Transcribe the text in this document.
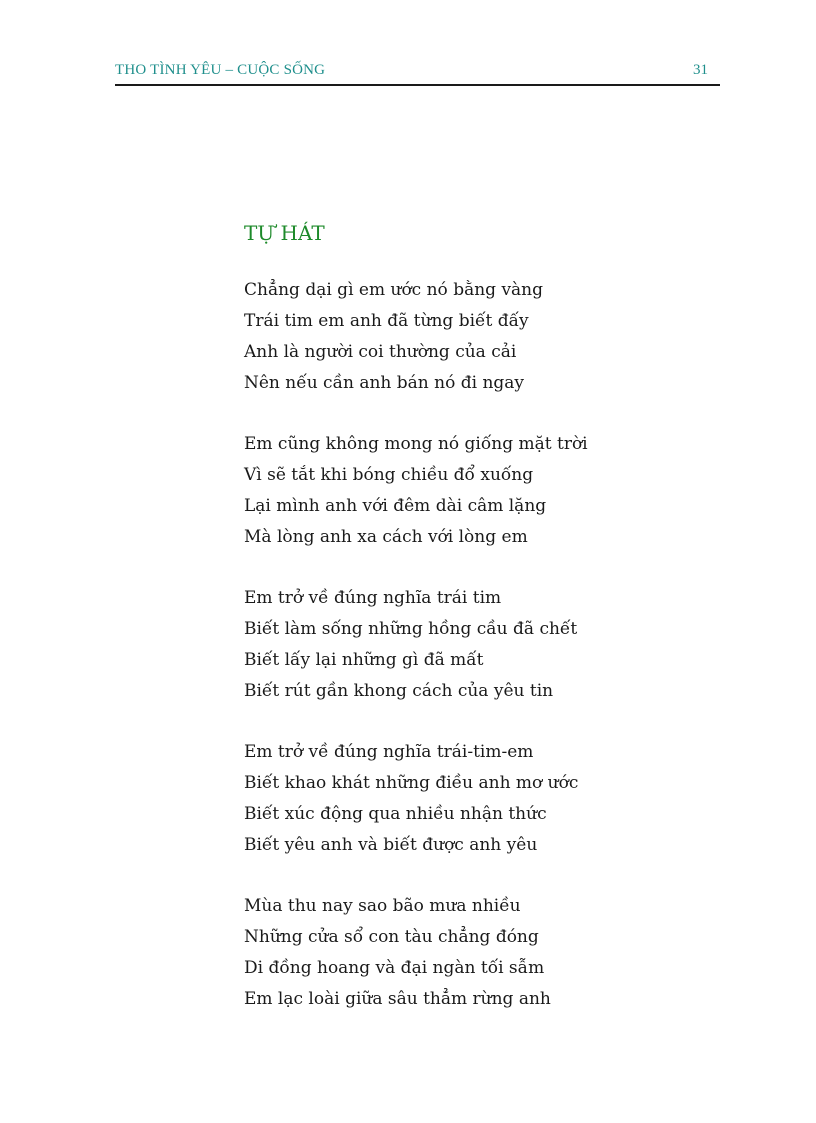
THO TÌNH YÊU – CUỘC SỐNG	31
TỰ HÁT
Chẳng dại gì em ước nó bằng vàng
Trái tim em anh đã từng biết đấy
Anh là người coi thường của cải
Nên nếu cần anh bán nó đi ngay
Em cũng không mong nó giống mặt trời
Vì sẽ tắt khi bóng chiều đổ xuống
Lại mình anh với đêm dài câm lặng
Mà lòng anh xa cách với lòng em
Em trở về đúng nghĩa trái tim
Biết làm sống những hồng cầu đã chết
Biết lấy lại những gì đã mất
Biết rút gần khong cách của yêu tin
Em trở về đúng nghĩa trái-tim-em
Biết khao khát những điều anh mơ ước
Biết xúc động qua nhiều nhận thức
Biết yêu anh và biết được anh yêu
Mùa thu nay sao bão mưa nhiều
Những cửa sổ con tàu chẳng đóng
Di đồng hoang và đại ngàn tối sẫm
Em lạc loài giữa sâu thẳm rừng anh
